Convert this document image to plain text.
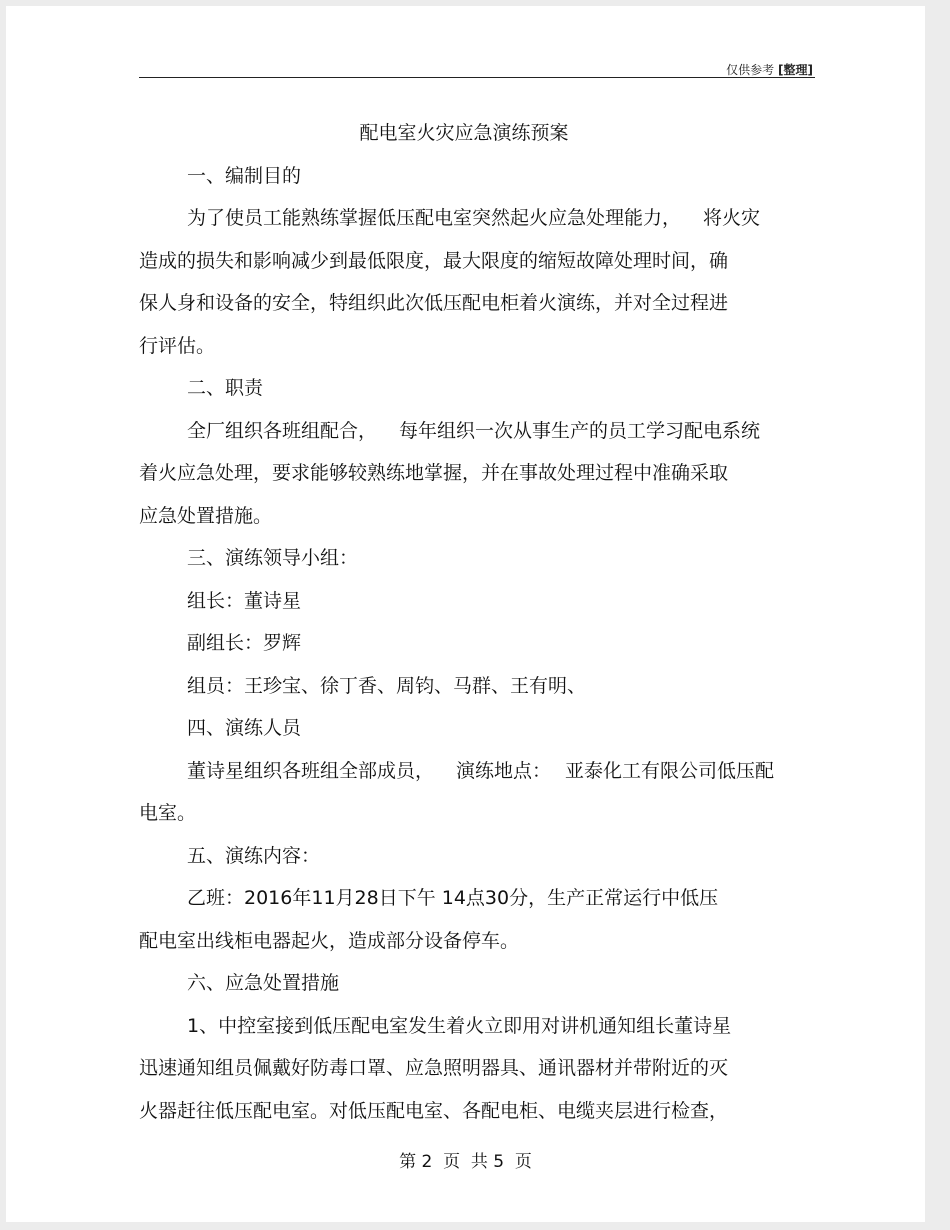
仅供参考 [整理]
配电室火灾应急演练预案
一、编制目的
为了使员工能熟练掌握低压配电室突然起火应急处理能力， 将火灾
造成的损失和影响减少到最低限度，最大限度的缩短故障处理时间，确
保人身和设备的安全，特组织此次低压配电柜着火演练，并对全过程进
行评估。
二、职责
全厂组织各班组配合， 每年组织一次从事生产的员工学习配电系统
着火应急处理，要求能够较熟练地掌握，并在事故处理过程中准确采取
应急处置措施。
三、演练领导小组：
组长：董诗星
副组长：罗辉
组员：王珍宝、徐丁香、周钧、马群、王有明、
四、演练人员
董诗星组织各班组全部成员， 演练地点： 亚泰化工有限公司低压配
电室。
五、演练内容：
乙班：2016年11月28日下午 14点30分，生产正常运行中低压
配电室出线柜电器起火，造成部分设备停车。
六、应急处置措施
1、中控室接到低压配电室发生着火立即用对讲机通知组长董诗星
迅速通知组员佩戴好防毒口罩、应急照明器具、通讯器材并带附近的灭
火器赶往低压配电室。对低压配电室、各配电柜、电缆夹层进行检查，
第 2  页  共 5  页
